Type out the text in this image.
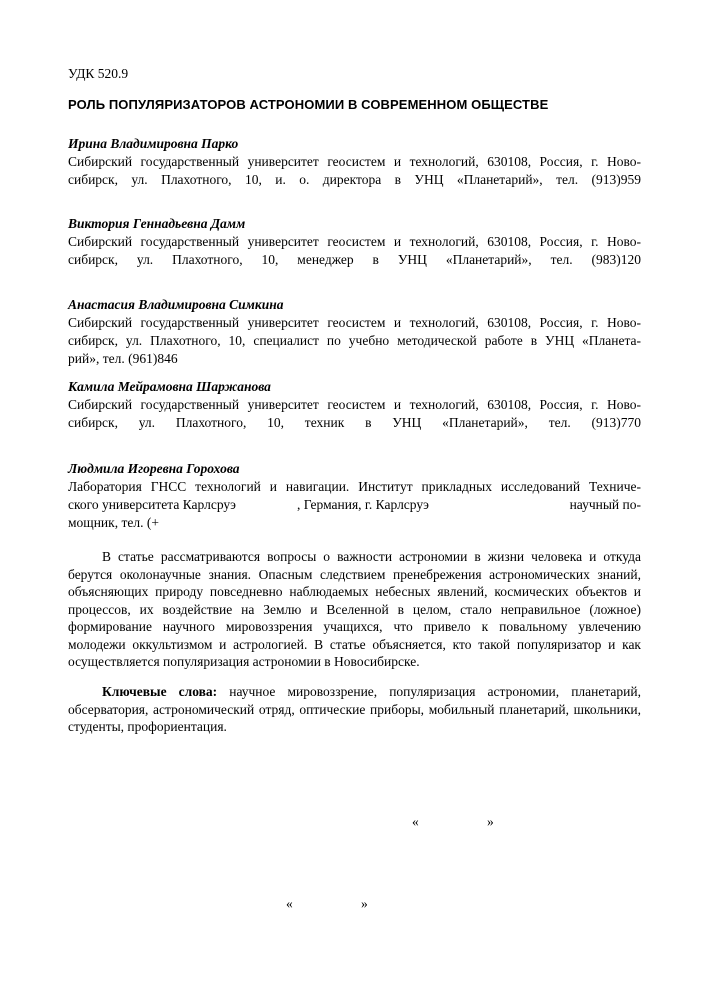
УДК 520.9
РОЛЬ ПОПУЛЯРИЗАТОРОВ АСТРОНОМИИ В СОВРЕМЕННОМ ОБЩЕСТВЕ
Ирина Владимировна Парко
Сибирский государственный университет геосистем и технологий, 630108, Россия, г. Ново-
сибирск, ул. Плахотного, 10, и. о. директора в УНЦ «Планетарий», тел. (913)959
Виктория Геннадьевна Дамм
Сибирский государственный университет геосистем и технологий, 630108, Россия, г. Ново-
сибирск, ул. Плахотного, 10, менеджер в УНЦ «Планетарий», тел. (983)120
Анастасия Владимировна Симкина
Сибирский государственный университет геосистем и технологий, 630108, Россия, г. Ново-
сибирск, ул. Плахотного, 10, специалист по учебно методической работе в УНЦ «Планета-
рий», тел. (961)846
Камила Мейрамовна Шаржанова
Сибирский государственный университет геосистем и технологий, 630108, Россия, г. Ново-
сибирск, ул. Плахотного, 10, техник в УНЦ «Планетарий», тел. (913)770
Людмила Игоревна Горохова
Лаборатория ГНСС технологий и навигации. Институт прикладных исследований Техниче-
ского университета Карлсруэ	, Германия, г. Карлсруэ	научный по-
мощник, тел. (+
В статье рассматриваются вопросы о важности астрономии в жизни человека и откуда берутся околонаучные знания. Опасным следствием пренебрежения астрономических знаний, объясняющих природу повседневно наблюдаемых небесных явлений, космических объектов и процессов, их воздействие на Землю и Вселенной в целом, стало неправильное (ложное) формирование научного мировоззрения учащихся, что привело к повальному увлечению молодежи оккультизмом и астрологией. В статье объясняется, кто такой популяризатор и как осуществляется популяризация астрономии в Новосибирске.
Ключевые слова: научное мировоззрение, популяризация астрономии, планетарий, обсерватория, астрономический отряд, оптические приборы, мобильный планетарий, школьники, студенты, профориентация.
«	»
«	»
